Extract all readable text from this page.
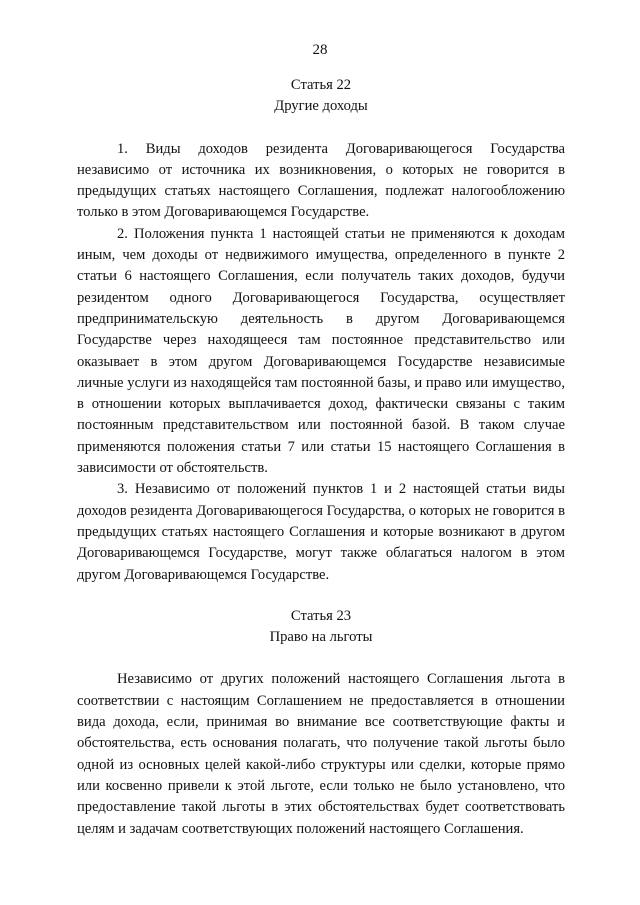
28
Статья 22
Другие доходы

1. Виды доходов резидента Договаривающегося Государства независимо от источника их возникновения, о которых не говорится в предыдущих статьях настоящего Соглашения, подлежат налогообложению только в этом Договаривающемся Государстве.

2. Положения пункта 1 настоящей статьи не применяются к доходам иным, чем доходы от недвижимого имущества, определенного в пункте 2 статьи 6 настоящего Соглашения, если получатель таких доходов, будучи резидентом одного Договаривающегося Государства, осуществляет предпринимательскую деятельность в другом Договаривающемся Государстве через находящееся там постоянное представительство или оказывает в этом другом Договаривающемся Государстве независимые личные услуги из находящейся там постоянной базы, и право или имущество, в отношении которых выплачивается доход, фактически связаны с таким постоянным представительством или постоянной базой. В таком случае применяются положения статьи 7 или статьи 15 настоящего Соглашения в зависимости от обстоятельств.

3. Независимо от положений пунктов 1 и 2 настоящей статьи виды доходов резидента Договаривающегося Государства, о которых не говорится в предыдущих статьях настоящего Соглашения и которые возникают в другом Договаривающемся Государстве, могут также облагаться налогом в этом другом Договаривающемся Государстве.

Статья 23
Право на льготы

Независимо от других положений настоящего Соглашения льгота в соответствии с настоящим Соглашением не предоставляется в отношении вида дохода, если, принимая во внимание все соответствующие факты и обстоятельства, есть основания полагать, что получение такой льготы было одной из основных целей какой-либо структуры или сделки, которые прямо или косвенно привели к этой льготе, если только не было установлено, что предоставление такой льготы в этих обстоятельствах будет соответствовать целям и задачам соответствующих положений настоящего Соглашения.
